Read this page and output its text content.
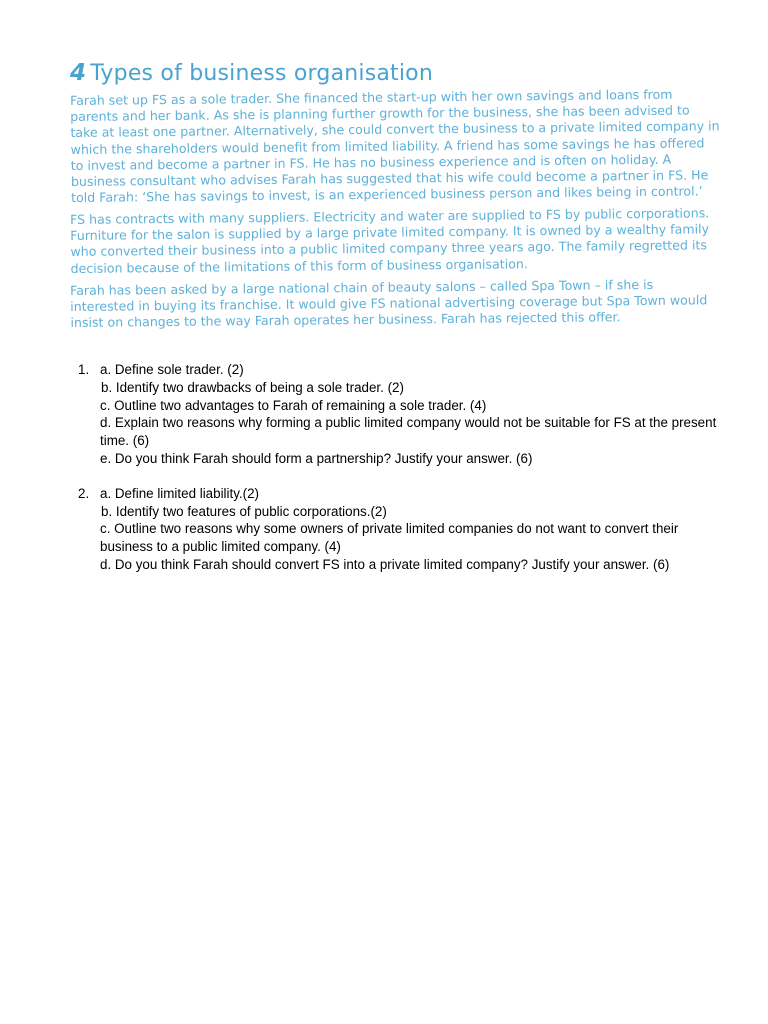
4 Types of business organisation

Farah set up FS as a sole trader. She financed the start-up with her own savings and loans from parents and her bank. As she is planning further growth for the business, she has been advised to take at least one partner. Alternatively, she could convert the business to a private limited company in which the shareholders would benefit from limited liability. A friend has some savings he has offered to invest and become a partner in FS. He has no business experience and is often on holiday. A business consultant who advises Farah has suggested that his wife could become a partner in FS. He told Farah: ‘She has savings to invest, is an experienced business person and likes being in control.’

FS has contracts with many suppliers. Electricity and water are supplied to FS by public corporations. Furniture for the salon is supplied by a large private limited company. It is owned by a wealthy family who converted their business into a public limited company three years ago. The family regretted its decision because of the limitations of this form of business organisation.

Farah has been asked by a large national chain of beauty salons – called Spa Town – if she is interested in buying its franchise. It would give FS national advertising coverage but Spa Town would insist on changes to the way Farah operates her business. Farah has rejected this offer.

1. a. Define sole trader. (2)
b. Identify two drawbacks of being a sole trader. (2)
c. Outline two advantages to Farah of remaining a sole trader. (4)
d. Explain two reasons why forming a public limited company would not be suitable for FS at the present time. (6)
e. Do you think Farah should form a partnership? Justify your answer. (6)
2. a. Define limited liability.(2)
b. Identify two features of public corporations.(2)
c. Outline two reasons why some owners of private limited companies do not want to convert their business to a public limited company. (4)
d. Do you think Farah should convert FS into a private limited company? Justify your answer. (6)
